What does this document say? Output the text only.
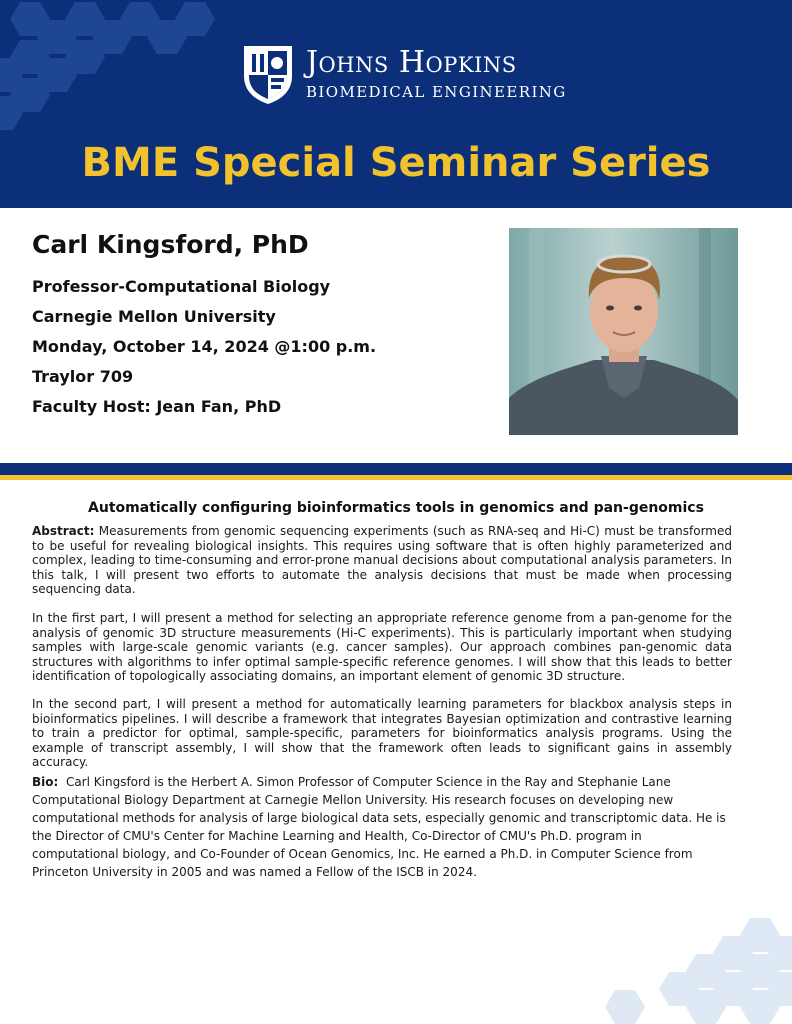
Johns Hopkins
BIOMEDICAL ENGINEERING
BME Special Seminar Series
Carl Kingsford, PhD
Professor-Computational Biology
Carnegie Mellon University
Monday, October 14, 2024 @1:00 p.m.
Traylor 709
Faculty Host: Jean Fan, PhD
Automatically configuring bioinformatics tools in genomics and pan-genomics
Abstract: Measurements from genomic sequencing experiments (such as RNA-seq and Hi-C) must be transformed to be useful for revealing biological insights. This requires using software that is often highly parameterized and complex, leading to time-consuming and error-prone manual decisions about computational analysis parameters. In this talk, I will present two efforts to automate the analysis decisions that must be made when processing sequencing data.
In the first part, I will present a method for selecting an appropriate reference genome from a pan-genome for the analysis of genomic 3D structure measurements (Hi-C experiments). This is particularly important when studying samples with large-scale genomic variants (e.g. cancer samples). Our approach combines pan-genomic data structures with algorithms to infer optimal sample-specific reference genomes. I will show that this leads to better identification of topologically associating domains, an important element of genomic 3D structure.
In the second part, I will present a method for automatically learning parameters for blackbox analysis steps in bioinformatics pipelines. I will describe a framework that integrates Bayesian optimization and contrastive learning to train a predictor for optimal, sample-specific, parameters for bioinformatics analysis programs. Using the example of transcript assembly, I will show that the framework often leads to significant gains in assembly accuracy.
Bio: Carl Kingsford is the Herbert A. Simon Professor of Computer Science in the Ray and Stephanie Lane Computational Biology Department at Carnegie Mellon University. His research focuses on developing new computational methods for analysis of large biological data sets, especially genomic and transcriptomic data. He is the Director of CMU's Center for Machine Learning and Health, Co-Director of CMU's Ph.D. program in computational biology, and Co-Founder of Ocean Genomics, Inc. He earned a Ph.D. in Computer Science from Princeton University in 2005 and was named a Fellow of the ISCB in 2024.
